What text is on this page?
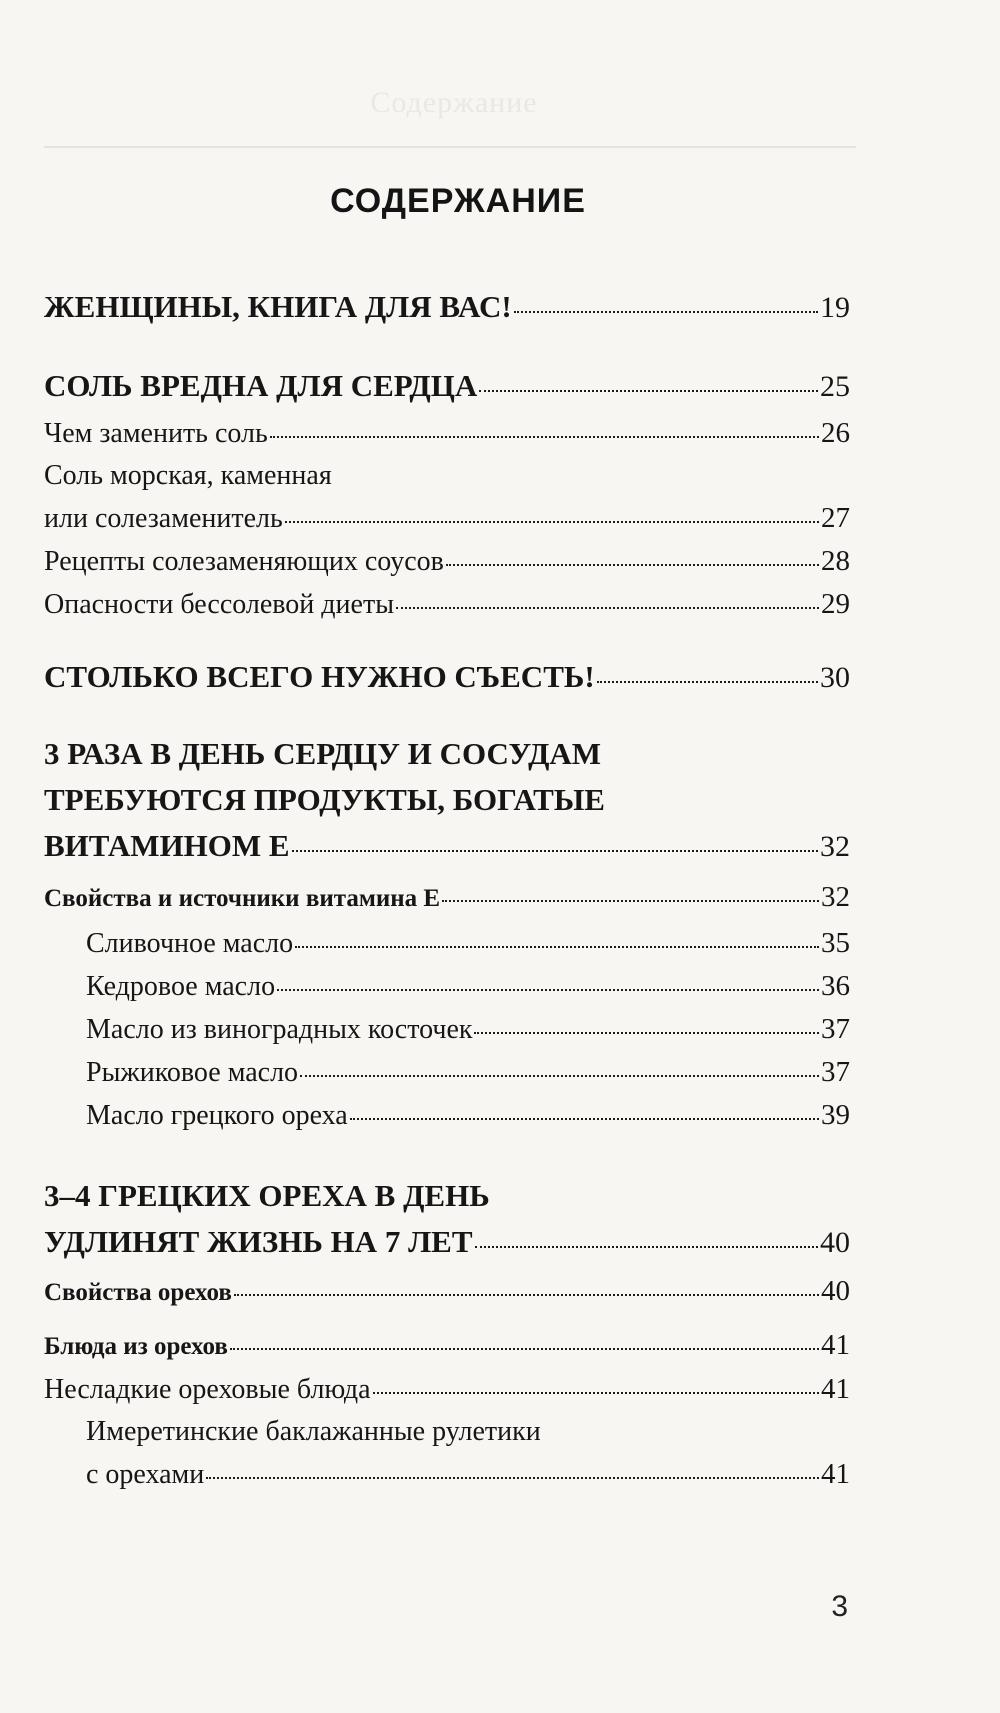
Содержание
СОДЕРЖАНИЕ
ЖЕНЩИНЫ, КНИГА ДЛЯ ВАС!	19
СОЛЬ ВРЕДНА ДЛЯ СЕРДЦА	25
Чем заменить соль	26
Соль морская, каменная
или солезаменитель	27
Рецепты солезаменяющих соусов	28
Опасности бессолевой диеты	29
СТОЛЬКО ВСЕГО НУЖНО СЪЕСТЬ!	30
3 РАЗА В ДЕНЬ СЕРДЦУ И СОСУДАМ
ТРЕБУЮТСЯ ПРОДУКТЫ, БОГАТЫЕ
ВИТАМИНОМ Е	32
Свойства и источники витамина Е	32
Сливочное масло	35
Кедровое масло	36
Масло из виноградных косточек	37
Рыжиковое масло	37
Масло грецкого ореха	39
3–4 ГРЕЦКИХ ОРЕХА В ДЕНЬ
УДЛИНЯТ ЖИЗНЬ НА 7 ЛЕТ	40
Свойства орехов	40
Блюда из орехов	41
Несладкие ореховые блюда	41
Имеретинские баклажанные рулетики
с орехами	41
3
